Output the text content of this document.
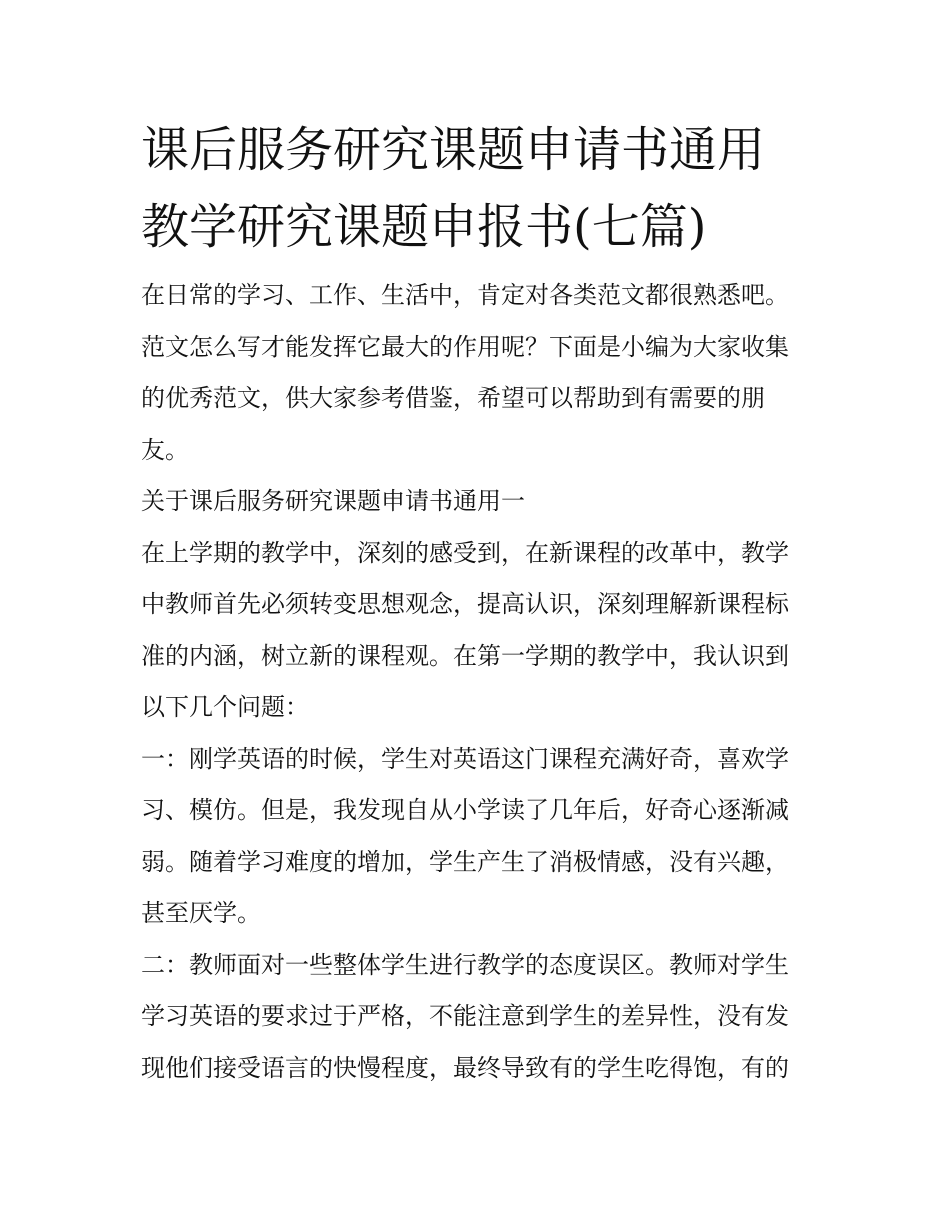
课后服务研究课题申请书通用
教学研究课题申报书(七篇)

在日常的学习、工作、生活中，肯定对各类范文都很熟悉吧。
范文怎么写才能发挥它最大的作用呢？下面是小编为大家收集
的优秀范文，供大家参考借鉴，希望可以帮助到有需要的朋
友。

关于课后服务研究课题申请书通用一

在上学期的教学中，深刻的感受到，在新课程的改革中，教学
中教师首先必须转变思想观念，提高认识，深刻理解新课程标
准的内涵，树立新的课程观。在第一学期的教学中，我认识到
以下几个问题：

一：刚学英语的时候，学生对英语这门课程充满好奇，喜欢学
习、模仿。但是，我发现自从小学读了几年后，好奇心逐渐减
弱。随着学习难度的增加，学生产生了消极情感，没有兴趣，
甚至厌学。

二：教师面对一些整体学生进行教学的态度误区。教师对学生
学习英语的要求过于严格，不能注意到学生的差异性，没有发
现他们接受语言的快慢程度，最终导致有的学生吃得饱，有的
